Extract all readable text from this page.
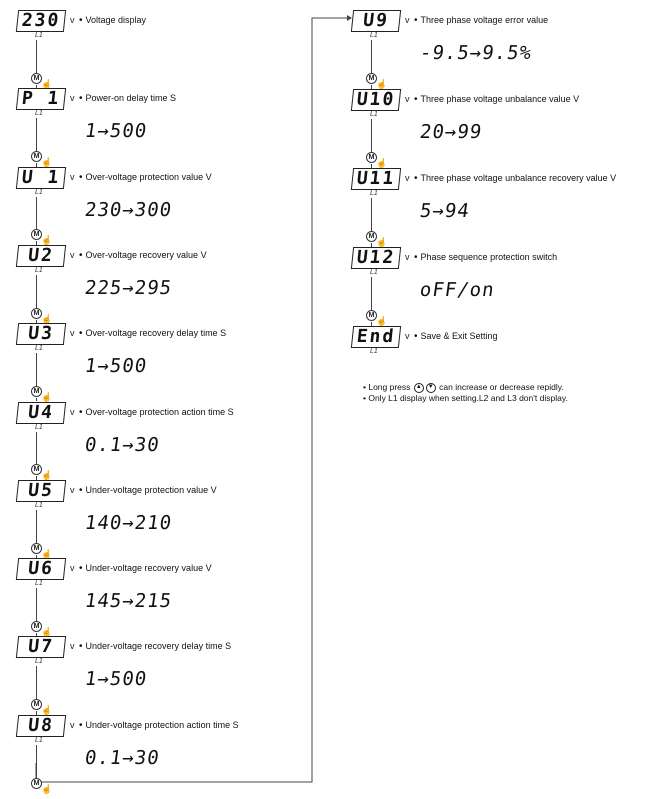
230
L1
v • Voltage display
M
☝
P 1
L1
v • Power-on delay time S
1→500
M
☝
U 1
L1
v • Over-voltage protection value V
230→300
M
☝
U2
L1
v • Over-voltage recovery value V
225→295
M
☝
U3
L1
v • Over-voltage recovery delay time S
1→500
M
☝
U4
L1
v • Over-voltage protection action time S
0.1→30
M
☝
U5
L1
v • Under-voltage protection value V
140→210
M
☝
U6
L1
v • Under-voltage recovery value V
145→215
M
☝
U7
L1
v • Under-voltage recovery delay time S
1→500
M
☝
U8
L1
v • Under-voltage protection action time S
0.1→30
M
☝
U9
L1
v • Three phase voltage error value
-9.5→9.5%
M
☝
U10
L1
v • Three phase voltage unbalance value V
20→99
M
☝
U11
L1
v • Three phase voltage unbalance recovery value V
5→94
M
☝
U12
L1
v • Phase sequence protection switch
oFF/on
M
☝
End
L1
v • Save & Exit Setting
• Long press ▲ ▼ can increase or decrease repidly.
• Only L1 display when setting.L2 and L3 don't display.
